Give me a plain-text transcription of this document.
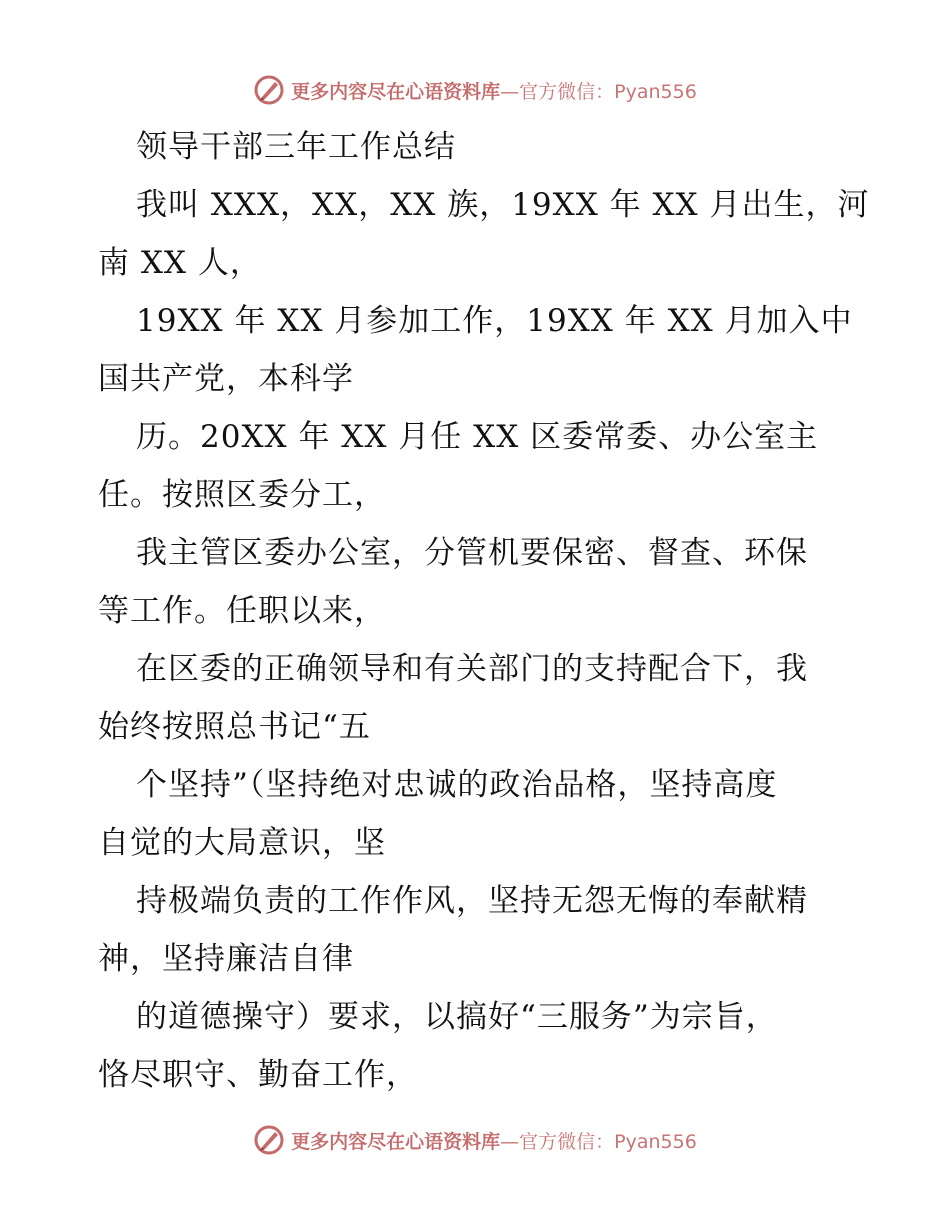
更多内容尽在心语资料库—官方微信：Pyan556
领导干部三年工作总结
我叫 XXX，XX，XX 族，19XX 年 XX 月出生，河
南 XX 人，
19XX 年 XX 月参加工作，19XX 年 XX 月加入中
国共产党，本科学
历。20XX 年 XX 月任 XX 区委常委、办公室主
任。按照区委分工，
我主管区委办公室，分管机要保密、督查、环保
等工作。任职以来，
在区委的正确领导和有关部门的支持配合下，我
始终按照总书记“五
个坚持”（坚持绝对忠诚的政治品格，坚持高度
自觉的大局意识，坚
持极端负责的工作作风，坚持无怨无悔的奉献精
神，坚持廉洁自律
的道德操守）要求，以搞好“三服务”为宗旨，
恪尽职守、勤奋工作，
更多内容尽在心语资料库—官方微信：Pyan556
